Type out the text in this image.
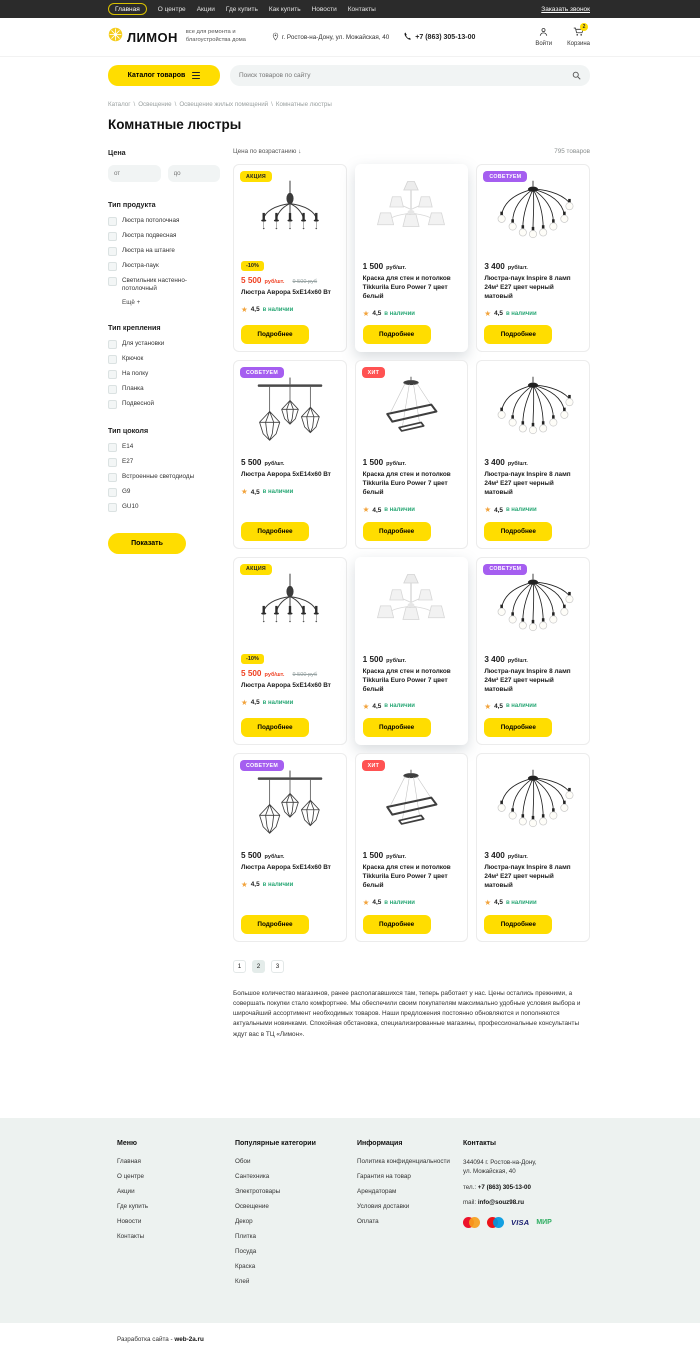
Главная	О центре Акции Где купить Как купить Новости Контакты	Заказать звонок
ЛИМОН все для ремонта и
благоустройства дома	г. Ростов-на-Дону, ул. Можайская, 40	+7 (863) 305-13-00
Войти
2
Корзина
Каталог товаров
Поиск товаров по сайту
Каталог \ Освещение \ Освещение жилых помещений \ Комнатные люстры
Комнатные люстры
Цена
от
до
Тип продукта
Люстра потолочная
Люстра подвесная
Люстра на штанге
Люстра-паук
Светильник настенно-потолочный
Ещё +
Тип крепления
Для установки
Крючок
На полку
Планка
Подвесной
Тип цоколя
E14
E27
Встроенные светодиоды
G9
GU10
Показать
Цена по возрастанию ↓	795 товаров
АКЦИЯ
-10%
5 500 руб/шт. 9 500 руб
Люстра Аврора 5хЕ14х60 Вт
★ 4,5 в наличии
Подробнее
1 500 руб/шт.
Краска для стен и потолков Tikkurila Euro Power 7 цвет белый
★ 4,5 в наличии
Подробнее
СОВЕТУЕМ
3 400 руб/шт.
Люстра-паук Inspire 8 ламп 24м² E27 цвет черный матовый
★ 4,5 в наличии
Подробнее
СОВЕТУЕМ
5 500 руб/шт.
Люстра Аврора 5хЕ14х60 Вт
★ 4,5 в наличии
Подробнее
ХИТ
1 500 руб/шт.
Краска для стен и потолков Tikkurila Euro Power 7 цвет белый
★ 4,5 в наличии
Подробнее
3 400 руб/шт.
Люстра-паук Inspire 8 ламп 24м² E27 цвет черный матовый
★ 4,5 в наличии
Подробнее
АКЦИЯ
-10%
5 500 руб/шт. 9 500 руб
Люстра Аврора 5хЕ14х60 Вт
★ 4,5 в наличии
Подробнее
1 500 руб/шт.
Краска для стен и потолков Tikkurila Euro Power 7 цвет белый
★ 4,5 в наличии
Подробнее
СОВЕТУЕМ
3 400 руб/шт.
Люстра-паук Inspire 8 ламп 24м² E27 цвет черный матовый
★ 4,5 в наличии
Подробнее
СОВЕТУЕМ
5 500 руб/шт.
Люстра Аврора 5хЕ14х60 Вт
★ 4,5 в наличии
Подробнее
ХИТ
1 500 руб/шт.
Краска для стен и потолков Tikkurila Euro Power 7 цвет белый
★ 4,5 в наличии
Подробнее
3 400 руб/шт.
Люстра-паук Inspire 8 ламп 24м² E27 цвет черный матовый
★ 4,5 в наличии
Подробнее
1	2	3

Большое количество магазинов, ранее располагавшихся там, теперь работает у нас. Цены остались прежними, а совершать покупки стало комфортнее. Мы обеспечили своим покупателям максимально удобные условия выбора и широчайший ассортимент необходимых товаров. Наши предложения постоянно обновляются и пополняются актуальными новинками. Спокойная обстановка, специализированные магазины, профессиональные консультанты ждут вас в ТЦ «Лимон».

Меню
Главная
О центре
Акции
Где купить
Новости
Контакты
Популярные категории
Обои
Сантехника
Электротовары
Освещение
Декор
Плитка
Посуда
Краска
Клей
Информация
Политика конфиденциальности
Гарантия на товар
Арендаторам
Условия доставки
Оплата
Контакты
344094 г. Ростов-на-Дону,
ул. Можайская, 40
тел.: +7 (863) 305-13-00
mail: info@souz98.ru
VISA МИР
Разработка сайта - web-2a.ru
